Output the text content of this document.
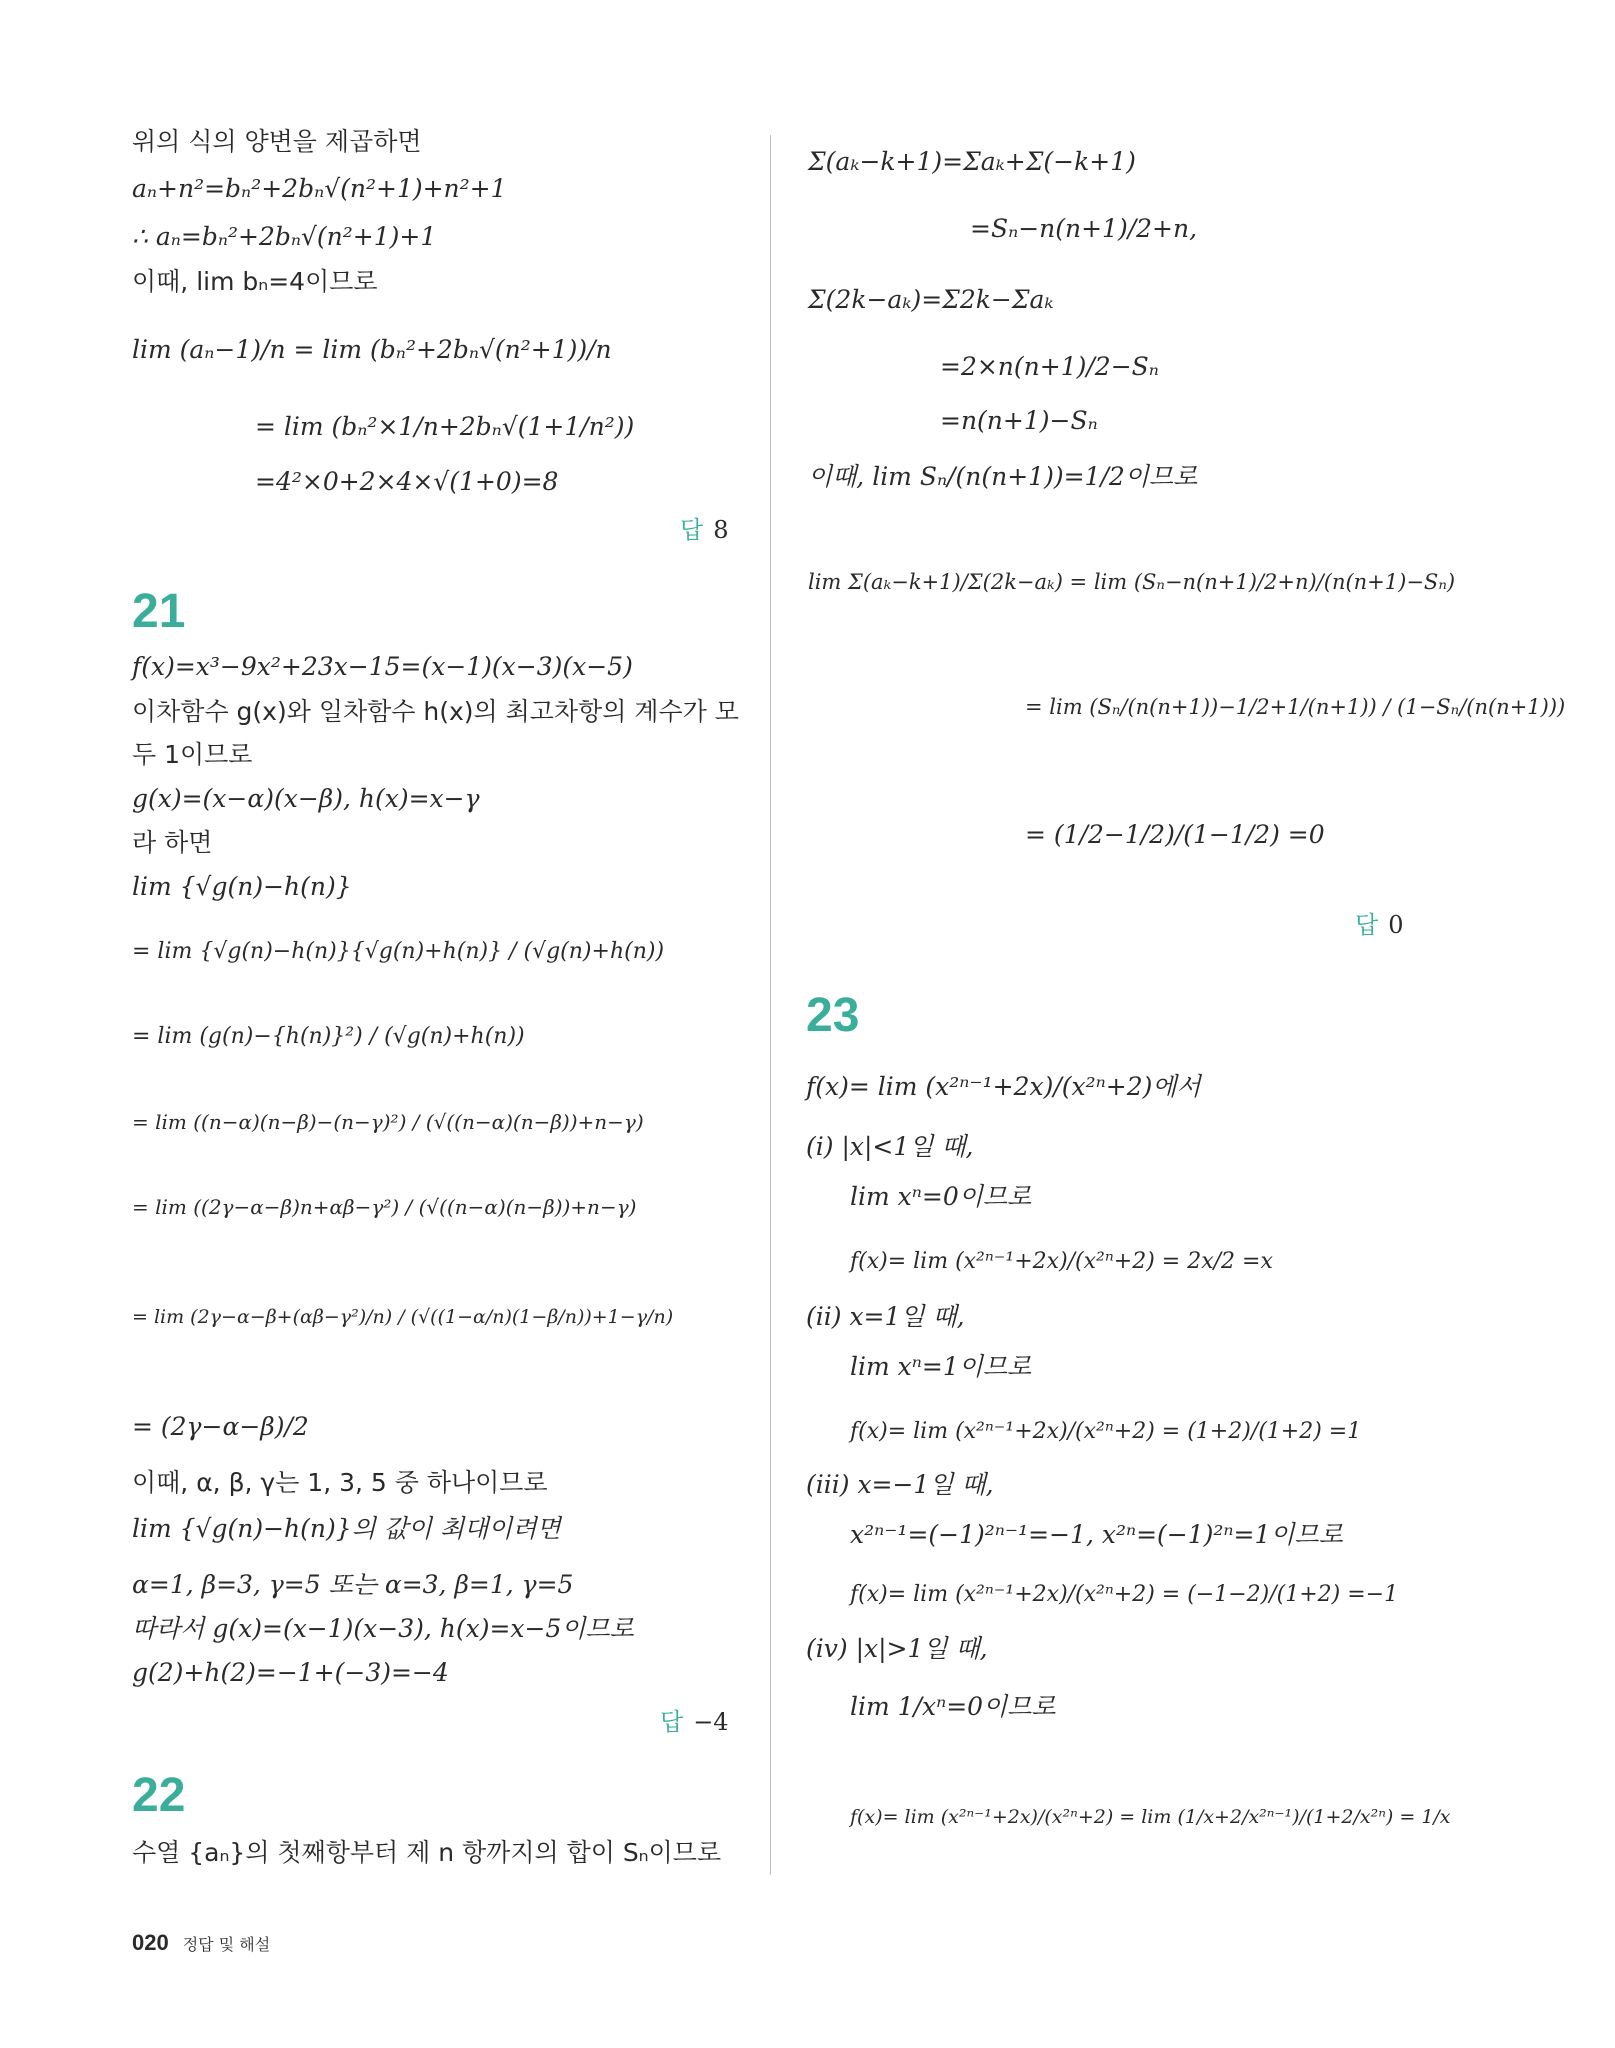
위의 식의 양변을 제곱하면
aₙ+n²=bₙ²+2bₙ√(n²+1)+n²+1
∴ aₙ=bₙ²+2bₙ√(n²+1)+1
이때, lim bₙ=4이므로
lim (aₙ−1)/n = lim (bₙ²+2bₙ√(n²+1))/n
= lim (bₙ²×1/n+2bₙ√(1+1/n²))
=4²×0+2×4×√(1+0)=8
답 8
21
f(x)=x³−9x²+23x−15=(x−1)(x−3)(x−5)
이차함수 g(x)와 일차함수 h(x)의 최고차항의 계수가 모
두 1이므로
g(x)=(x−α)(x−β), h(x)=x−γ
라 하면
lim {√g(n)−h(n)}
= lim {√g(n)−h(n)}{√g(n)+h(n)} / (√g(n)+h(n))
= lim (g(n)−{h(n)}²) / (√g(n)+h(n))
= lim ((n−α)(n−β)−(n−γ)²) / (√((n−α)(n−β))+n−γ)
= lim ((2γ−α−β)n+αβ−γ²) / (√((n−α)(n−β))+n−γ)
= lim (2γ−α−β+(αβ−γ²)/n) / (√((1−α/n)(1−β/n))+1−γ/n)
= (2γ−α−β)/2
이때, α, β, γ는 1, 3, 5 중 하나이므로
lim {√g(n)−h(n)}의 값이 최대이려면
α=1, β=3, γ=5 또는 α=3, β=1, γ=5
따라서 g(x)=(x−1)(x−3), h(x)=x−5이므로
g(2)+h(2)=−1+(−3)=−4
답 −4
22
수열 {aₙ}의 첫째항부터 제 n 항까지의 합이 Sₙ이므로
Σ(aₖ−k+1)=Σaₖ+Σ(−k+1)
=Sₙ−n(n+1)/2+n,
Σ(2k−aₖ)=Σ2k−Σaₖ
=2×n(n+1)/2−Sₙ
=n(n+1)−Sₙ
이때, lim Sₙ/(n(n+1))=1/2이므로
lim Σ(aₖ−k+1)/Σ(2k−aₖ) = lim (Sₙ−n(n+1)/2+n)/(n(n+1)−Sₙ)
= lim (Sₙ/(n(n+1))−1/2+1/(n+1)) / (1−Sₙ/(n(n+1)))
= (1/2−1/2)/(1−1/2) =0
답 0
23
f(x)= lim (x²ⁿ⁻¹+2x)/(x²ⁿ+2)에서
(ⅰ) |x|<1일 때,
lim xⁿ=0이므로
f(x)= lim (x²ⁿ⁻¹+2x)/(x²ⁿ+2) = 2x/2 =x
(ⅱ) x=1일 때,
lim xⁿ=1이므로
f(x)= lim (x²ⁿ⁻¹+2x)/(x²ⁿ+2) = (1+2)/(1+2) =1
(ⅲ) x=−1일 때,
x²ⁿ⁻¹=(−1)²ⁿ⁻¹=−1, x²ⁿ=(−1)²ⁿ=1이므로
f(x)= lim (x²ⁿ⁻¹+2x)/(x²ⁿ+2) = (−1−2)/(1+2) =−1
(ⅳ) |x|>1일 때,
lim 1/xⁿ=0이므로
f(x)= lim (x²ⁿ⁻¹+2x)/(x²ⁿ+2) = lim (1/x+2/x²ⁿ⁻¹)/(1+2/x²ⁿ) = 1/x
020 정답 및 해설
